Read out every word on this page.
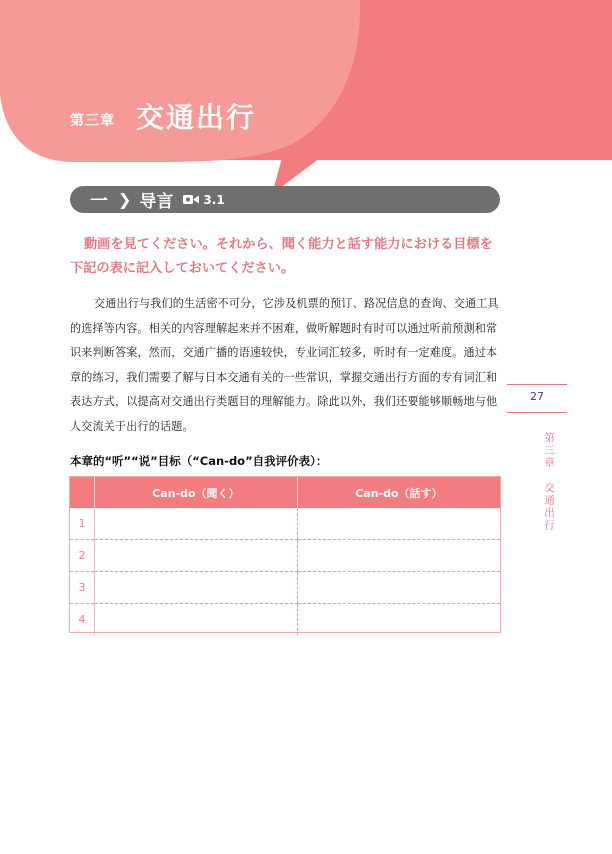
第三章 交通出行
一 ❯ 导言	3.1
動画を見てください。それから、聞く能力と話す能力における目標を下記の表に記入しておいてください。
交通出行与我们的生活密不可分，它涉及机票的预订、路况信息的查询、交通工具的选择等内容。相关的内容理解起来并不困难，做听解题时有时可以通过听前预测和常识来判断答案，然而，交通广播的语速较快，专业词汇较多，听时有一定难度。通过本章的练习，我们需要了解与日本交通有关的一些常识，掌握交通出行方面的专有词汇和表达方式，以提高对交通出行类题目的理解能力。除此以外，我们还要能够顺畅地与他人交流关于出行的话题。
本章的“听”“说”目标（“Can-do”自我评价表）：
	Can-do（聞く）	Can-do（話す）
1		
2		
3		
4		
27
第三章　交通出行
